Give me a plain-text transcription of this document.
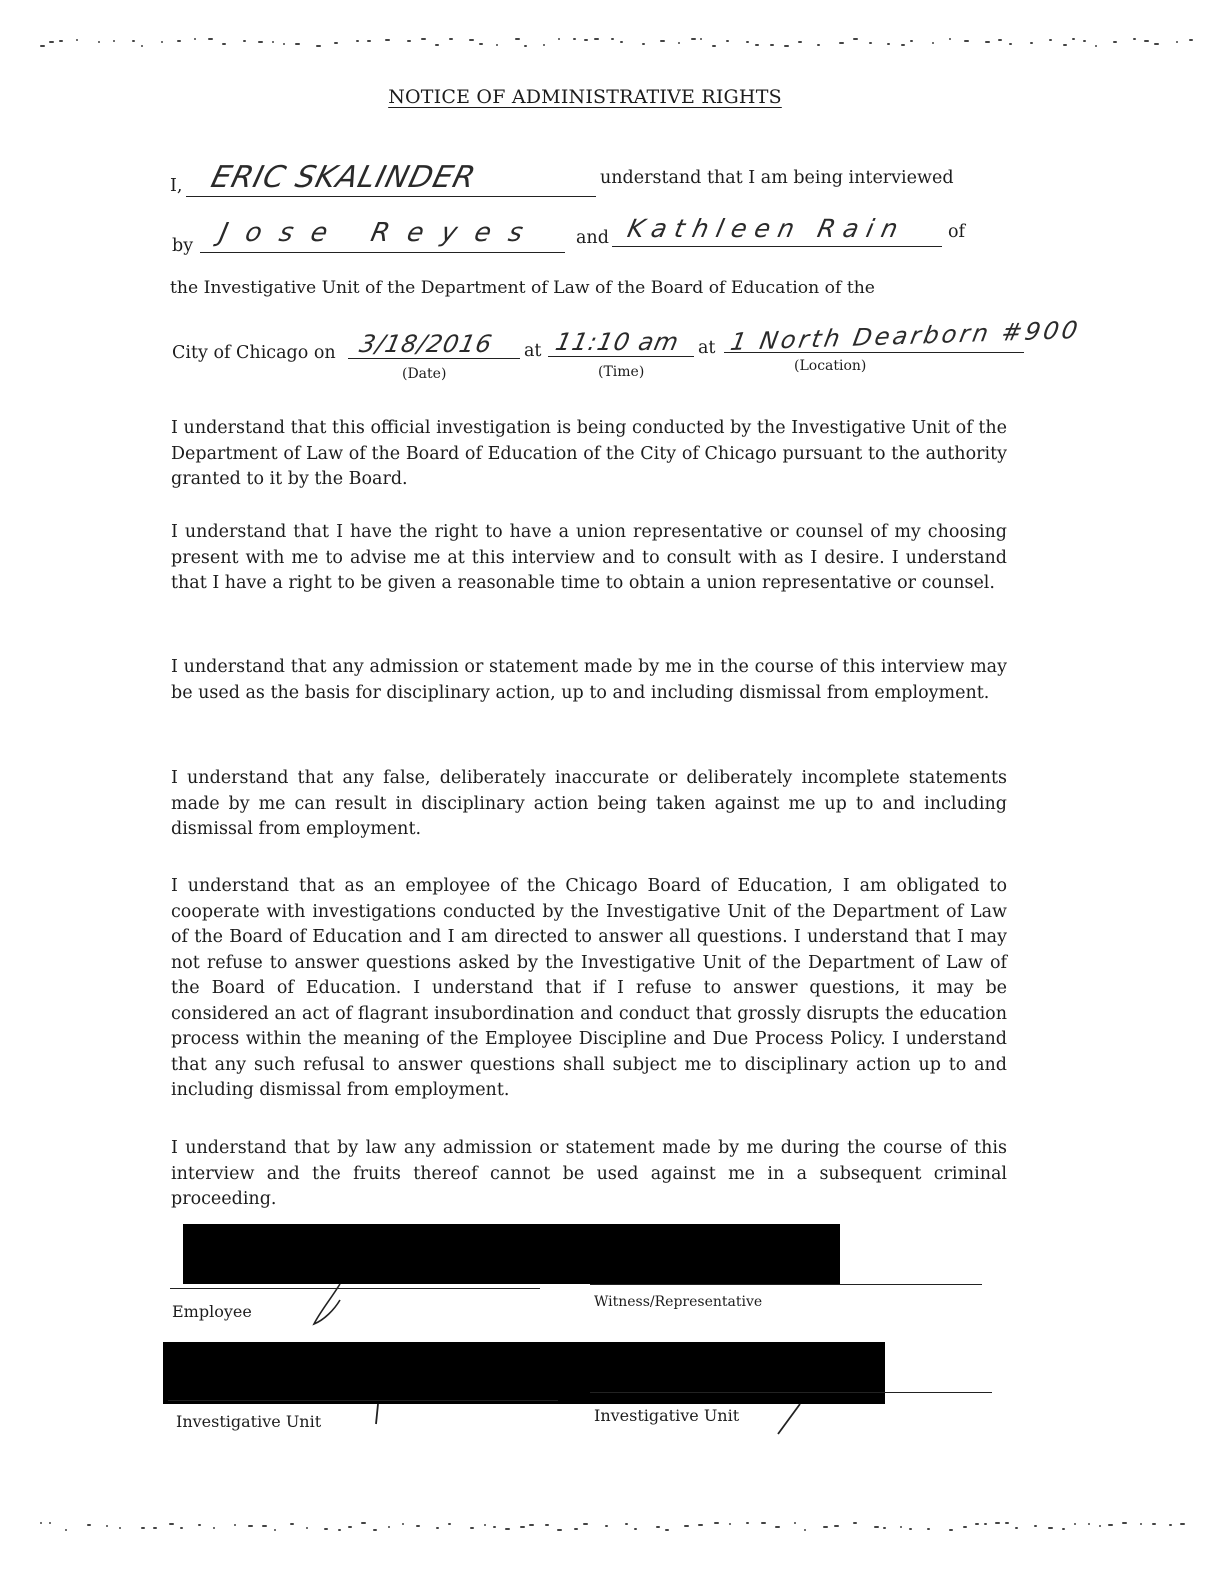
NOTICE OF ADMINISTRATIVE RIGHTS
I, ERIC SKALINDER	understand that I am being interviewed
by Jose Reyes and Kathleen Rain of
the Investigative Unit of the Department of Law of the Board of Education of the
City of Chicago on 3/18/2016 at 11:10 am at 1 North Dearborn #900
(Date)	(Time)	(Location)

I understand that this official investigation is being conducted by the Investigative Unit of the Department of Law of the Board of Education of the City of Chicago pursuant to the authority granted to it by the Board.

I understand that I have the right to have a union representative or counsel of my choosing present with me to advise me at this interview and to consult with as I desire. I understand that I have a right to be given a reasonable time to obtain a union representative or counsel.

I understand that any admission or statement made by me in the course of this interview may be used as the basis for disciplinary action, up to and including dismissal from employment.

I understand that any false, deliberately inaccurate or deliberately incomplete statements made by me can result in disciplinary action being taken against me up to and including dismissal from employment.

I understand that as an employee of the Chicago Board of Education, I am obligated to cooperate with investigations conducted by the Investigative Unit of the Department of Law of the Board of Education and I am directed to answer all questions. I understand that I may not refuse to answer questions asked by the Investigative Unit of the Department of Law of the Board of Education. I understand that if I refuse to answer questions, it may be considered an act of flagrant insubordination and conduct that grossly disrupts the education process within the meaning of the Employee Discipline and Due Process Policy. I understand that any such refusal to answer questions shall subject me to disciplinary action up to and including dismissal from employment.

I understand that by law any admission or statement made by me during the course of this interview and the fruits thereof cannot be used against me in a subsequent criminal proceeding.

Employee	Witness/Representative
Investigative Unit	Investigative Unit
